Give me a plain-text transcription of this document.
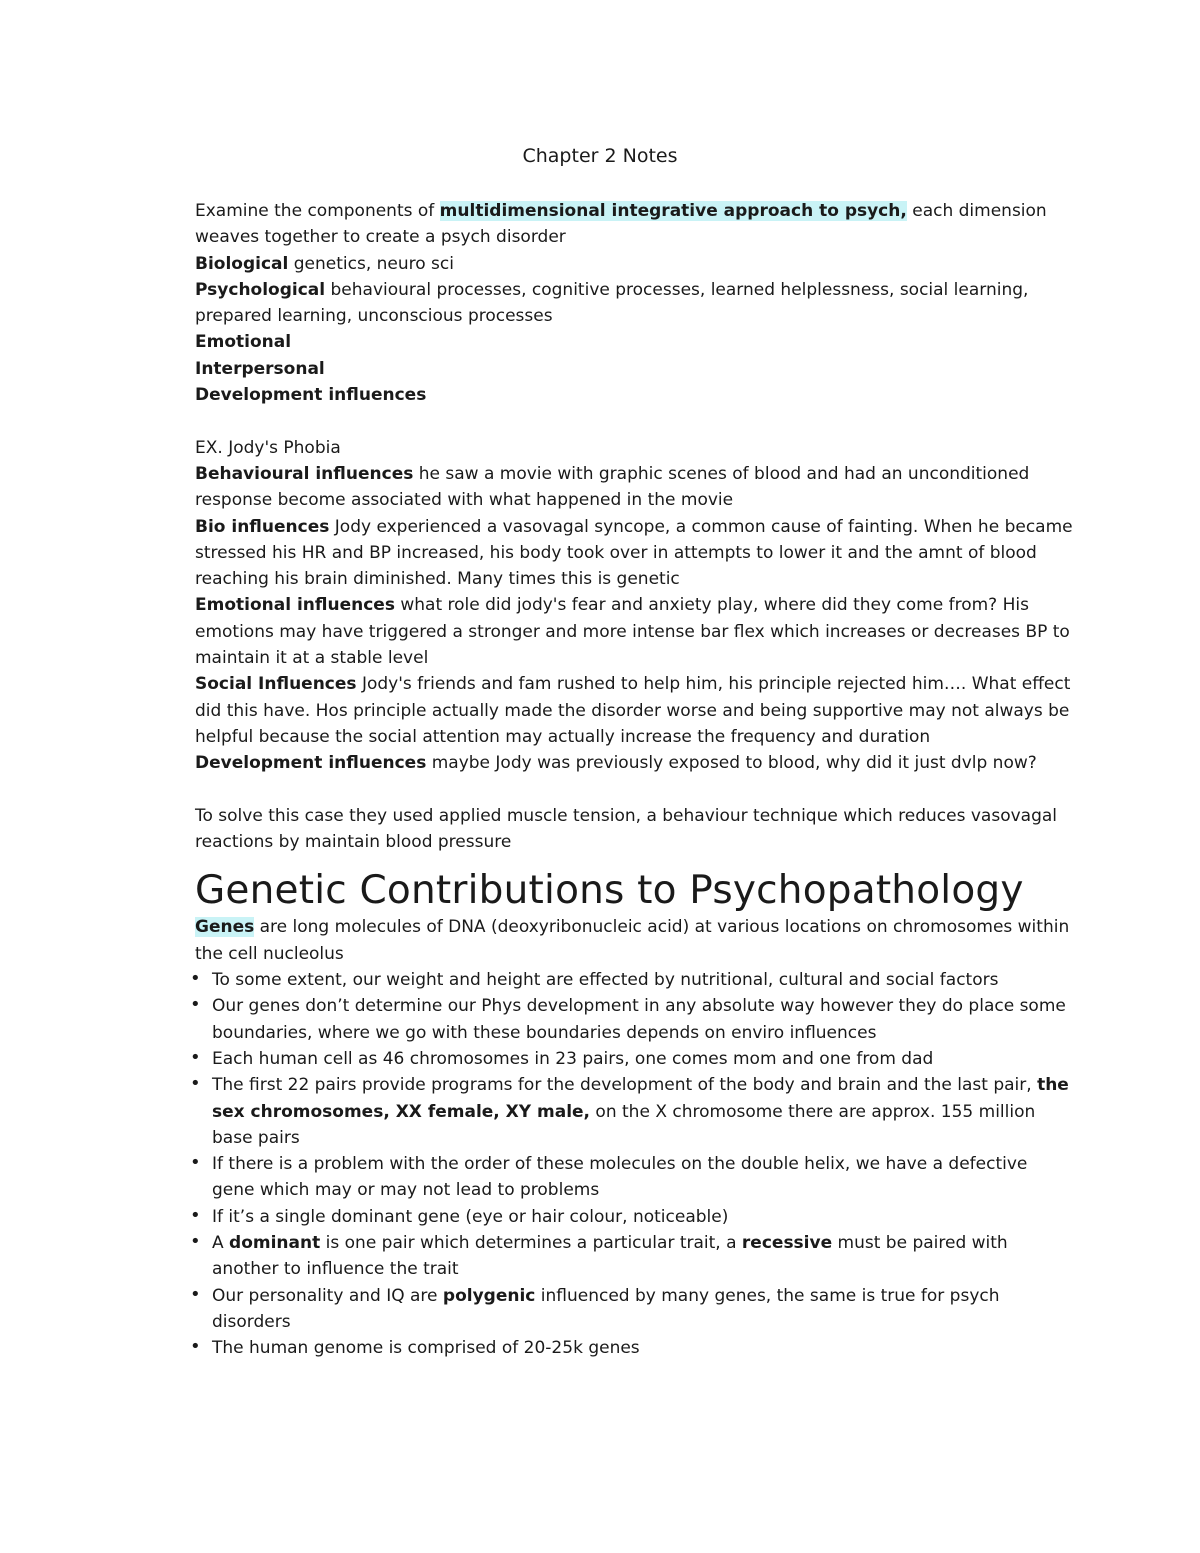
Chapter 2 Notes

Examine the components of multidimensional integrative approach to psych, each dimension weaves together to create a psych disorder

Biological genetics, neuro sci

Psychological behavioural processes, cognitive processes, learned helplessness, social learning, prepared learning, unconscious processes

Emotional

Interpersonal

Development influences

EX. Jody's Phobia

Behavioural influences he saw a movie with graphic scenes of blood and had an unconditioned response become associated with what happened in the movie

Bio influences Jody experienced a vasovagal syncope, a common cause of fainting. When he became stressed his HR and BP increased, his body took over in attempts to lower it and the amnt of blood reaching his brain diminished. Many times this is genetic

Emotional influences what role did jody's fear and anxiety play, where did they come from? His emotions may have triggered a stronger and more intense bar flex which increases or decreases BP to maintain it at a stable level

Social Influences Jody's friends and fam rushed to help him, his principle rejected him…. What effect did this have. Hos principle actually made the disorder worse and being supportive may not always be helpful because the social attention may actually increase the frequency and duration

Development influences maybe Jody was previously exposed to blood, why did it just dvlp now?

To solve this case they used applied muscle tension, a behaviour technique which reduces vasovagal reactions by maintain blood pressure

Genetic Contributions to Psychopathology

Genes are long molecules of DNA (deoxyribonucleic acid) at various locations on chromosomes within the cell nucleolus

• To some extent, our weight and height are effected by nutritional, cultural and social factors
• Our genes don’t determine our Phys development in any absolute way however they do place some boundaries, where we go with these boundaries depends on enviro influences
• Each human cell as 46 chromosomes in 23 pairs, one comes mom and one from dad
• The first 22 pairs provide programs for the development of the body and brain and the last pair, the sex chromosomes, XX female, XY male, on the X chromosome there are approx. 155 million base pairs
• If there is a problem with the order of these molecules on the double helix, we have a defective gene which may or may not lead to problems
• If it’s a single dominant gene (eye or hair colour, noticeable)
• A dominant is one pair which determines a particular trait, a recessive must be paired with another to influence the trait
• Our personality and IQ are polygenic influenced by many genes, the same is true for psych disorders
• The human genome is comprised of 20-25k genes
